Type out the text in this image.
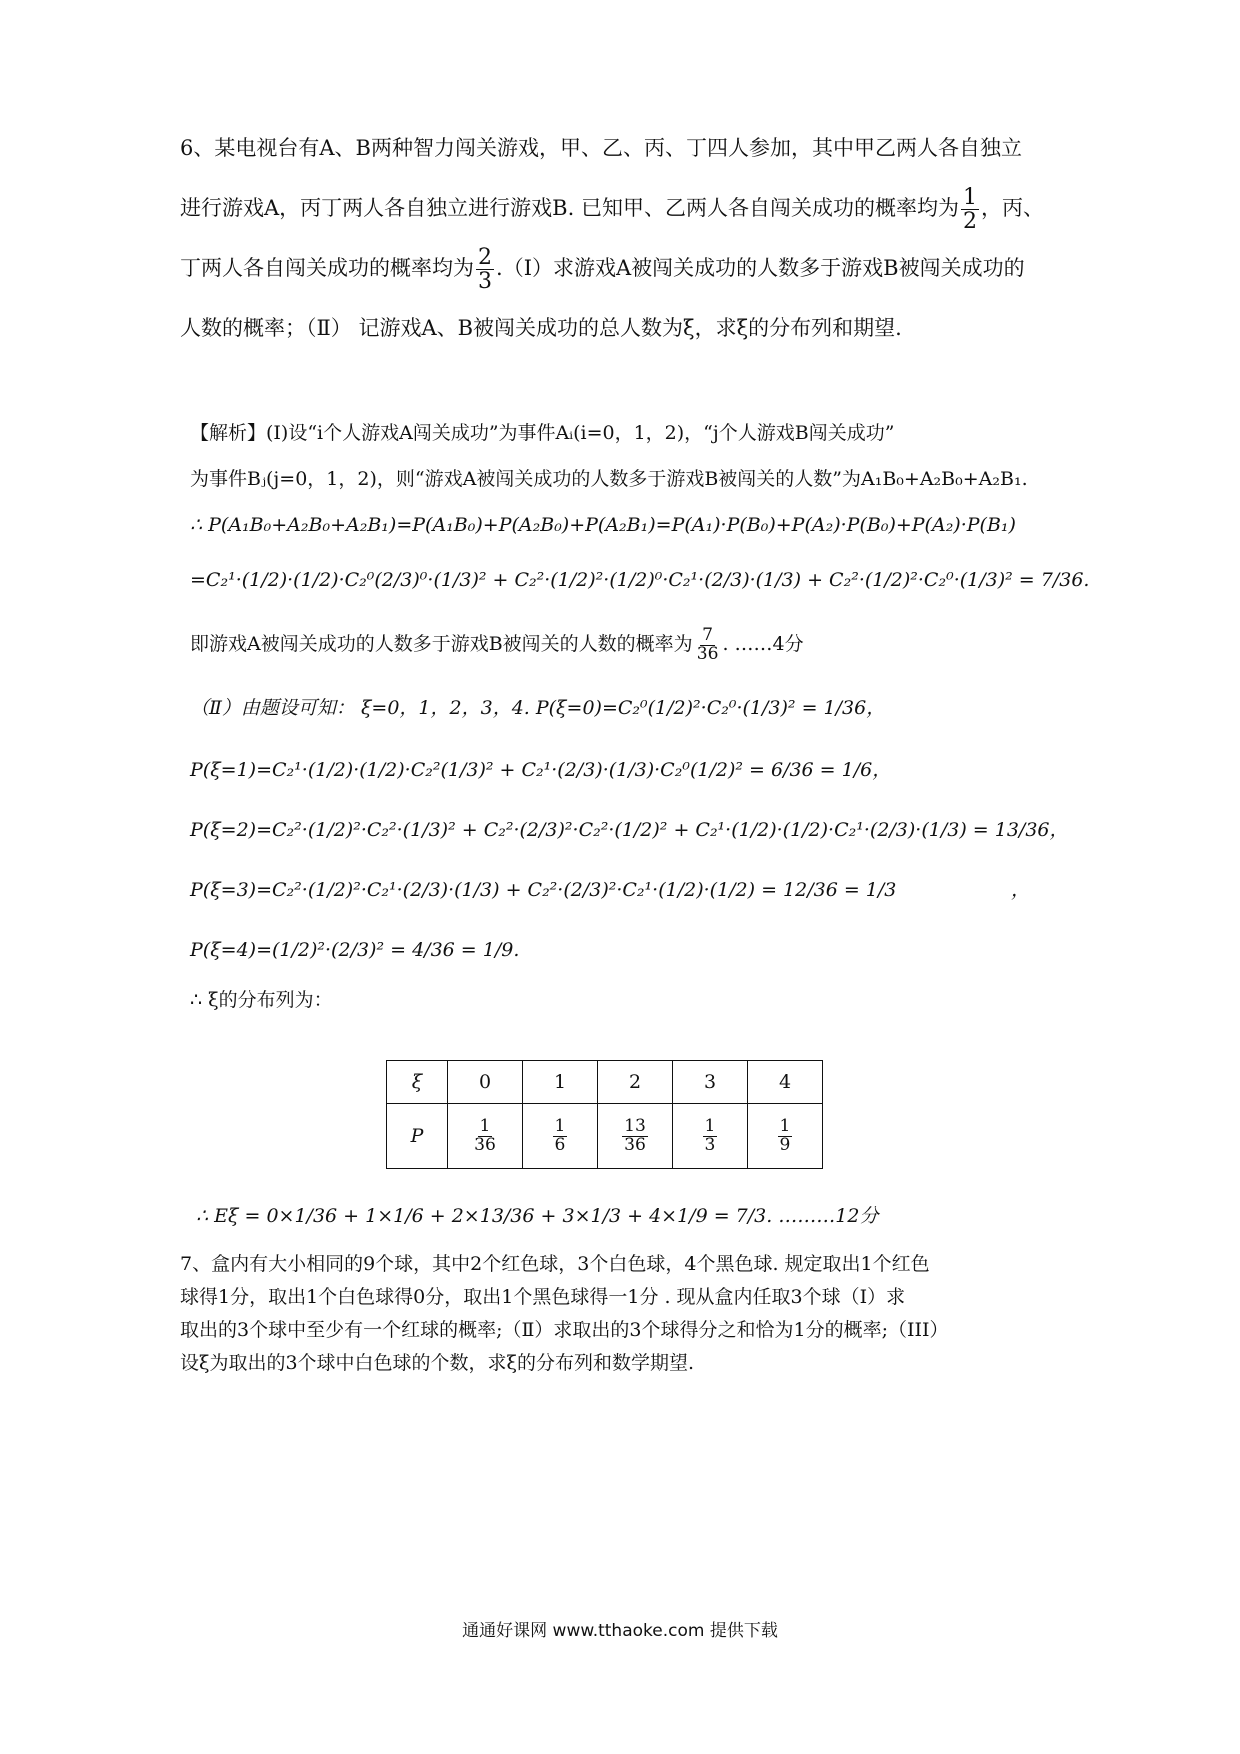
6、某电视台有A、B两种智力闯关游戏，甲、乙、丙、丁四人参加，其中甲乙两人各自独立
进行游戏A，丙丁两人各自独立进行游戏B. 已知甲、乙两人各自闯关成功的概率均为 $\frac{1}{2}$ ，丙、
丁两人各自闯关成功的概率均为 $\frac{2}{3}$ .（Ⅰ）求游戏A被闯关成功的人数多于游戏B被闯关成功的
人数的概率；（Ⅱ） 记游戏A、B被闯关成功的总人数为ξ，求ξ的分布列和期望.
【解析】(Ⅰ)设“i个人游戏A闯关成功”为事件Aᵢ(i=0，1，2)，“j个人游戏B闯关成功”
为事件Bⱼ(j=0，1，2)，则“游戏A被闯关成功的人数多于游戏B被闯关的人数”为A₁B₀+A₂B₀+A₂B₁.
∴ P(A₁B₀+A₂B₀+A₂B₁)=P(A₁B₀)+P(A₂B₀)+P(A₂B₁)=P(A₁)·P(B₀)+P(A₂)·P(B₀)+P(A₂)·P(B₁)
=C₂¹·(1/2)·(1/2)·C₂⁰(2/3)⁰·(1/3)² + C₂²·(1/2)²·(1/2)⁰·C₂¹·(2/3)·(1/3) + C₂²·(1/2)²·C₂⁰·(1/3)² = 7/36.
即游戏A被闯关成功的人数多于游戏B被闯关的人数的概率为 $\frac{7}{36}$ . ……4分
（Ⅱ）由题设可知： ξ=0，1，2，3，4. P(ξ=0)=C₂⁰(1/2)²·C₂⁰·(1/3)² = 1/36，
P(ξ=1)=C₂¹·(1/2)·(1/2)·C₂²(1/3)² + C₂¹·(2/3)·(1/3)·C₂⁰(1/2)² = 6/36 = 1/6，
P(ξ=2)=C₂²·(1/2)²·C₂²·(1/3)² + C₂²·(2/3)²·C₂²·(1/2)² + C₂¹·(1/2)·(1/2)·C₂¹·(2/3)·(1/3) = 13/36，
P(ξ=3)=C₂²·(1/2)²·C₂¹·(2/3)·(1/3) + C₂²·(2/3)²·C₂¹·(1/2)·(1/2) = 12/36 = 1/3	，
P(ξ=4)=(1/2)²·(2/3)² = 4/36 = 1/9.
∴ ξ的分布列为：
ξ	0	1	2	3	4
P	$\frac{1}{36}$	$\frac{1}{6}$	$\frac{13}{36}$	$\frac{1}{3}$	$\frac{1}{9}$
∴ Eξ = 0×1/36 + 1×1/6 + 2×13/36 + 3×1/3 + 4×1/9 = 7/3. ………12分
7、盒内有大小相同的9个球，其中2个红色球，3个白色球，4个黑色球. 规定取出1个红色
球得1分，取出1个白色球得0分，取出1个黑色球得一1分 . 现从盒内任取3个球（Ⅰ）求
取出的3个球中至少有一个红球的概率;（Ⅱ）求取出的3个球得分之和恰为1分的概率;（III）
设ξ为取出的3个球中白色球的个数，求ξ的分布列和数学期望.
通通好课网 www.tthaoke.com 提供下载
